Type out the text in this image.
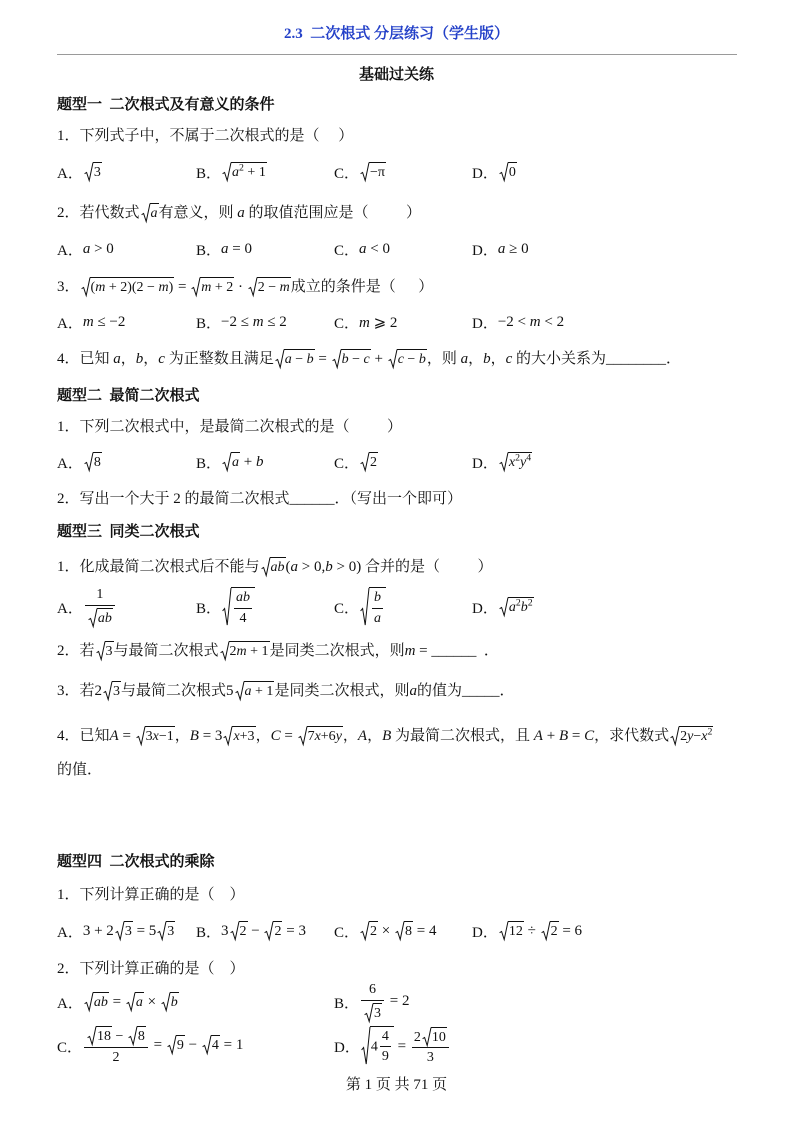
2.3  二次根式 分层练习（学生版）
基础过关练
题型一  二次根式及有意义的条件
1．下列式子中，不属于二次根式的是（     ）
A． 3	B． $a^2 + 1$	C． −π	D． 0
2．若代数式 a有意义，则 a 的取值范围应是（          ）
A． a > 0	B． a = 0	C． a < 0	D． a ≥ 0
3． (m + 2)(2 − m) =
m + 2 ·
2 − m成立的条件是（      ）
A． m ≤ −2	B． −2 ≤ m ≤ 2	C． m ⩾ 2	D． −2 < m < 2
4．已知 a，b，c 为正整数且满足 a − b =
b − c +
c − b，则 a，b，c 的大小关系为________．
题型二  最简二次根式
1．下列二次根式中，是最简二次根式的是（          ）
A． 8	B． a + b	C． 2	D． $x^2y^4$
2．写出一个大于 2 的最简二次根式______．（写出一个即可）
题型三  同类二次根式
1．化成最简二次根式后不能与 ab(a > 0,b > 0) 合并的是（          ）
A． $\frac{1}{ab}$	B． $\frac{ab}{4}$	C． $\frac{b}{a}$	D． $a^2b^2$
2．若 3与最简二次根式 2m + 1是同类二次根式，则m = ______  ．
3．若2 3与最简二次根式5 a + 1是同类二次根式，则a的值为_____．
4．已知A =
3x−1，B = 3 x+3，C =
7x+6y，A，B 为最简二次根式，且 A + B = C，求代数式 $2y-x^2$
的值．
题型四  二次根式的乘除
1．下列计算正确的是（    ）
A． 3 + 2 3 = 5 3 B． 3 2 −
2 = 3 C． 2 ×
8 = 4 D． 12 ÷
2 = 6
2．下列计算正确的是（    ）
A． ab =
a ×
b	B． $\frac{6}{3} = 2$
C． 18 −
8
2 =
9 −
4 = 1	D． $4 \frac{4}{9} = \frac{2 10}{3}$
第 1 页 共 71 页
